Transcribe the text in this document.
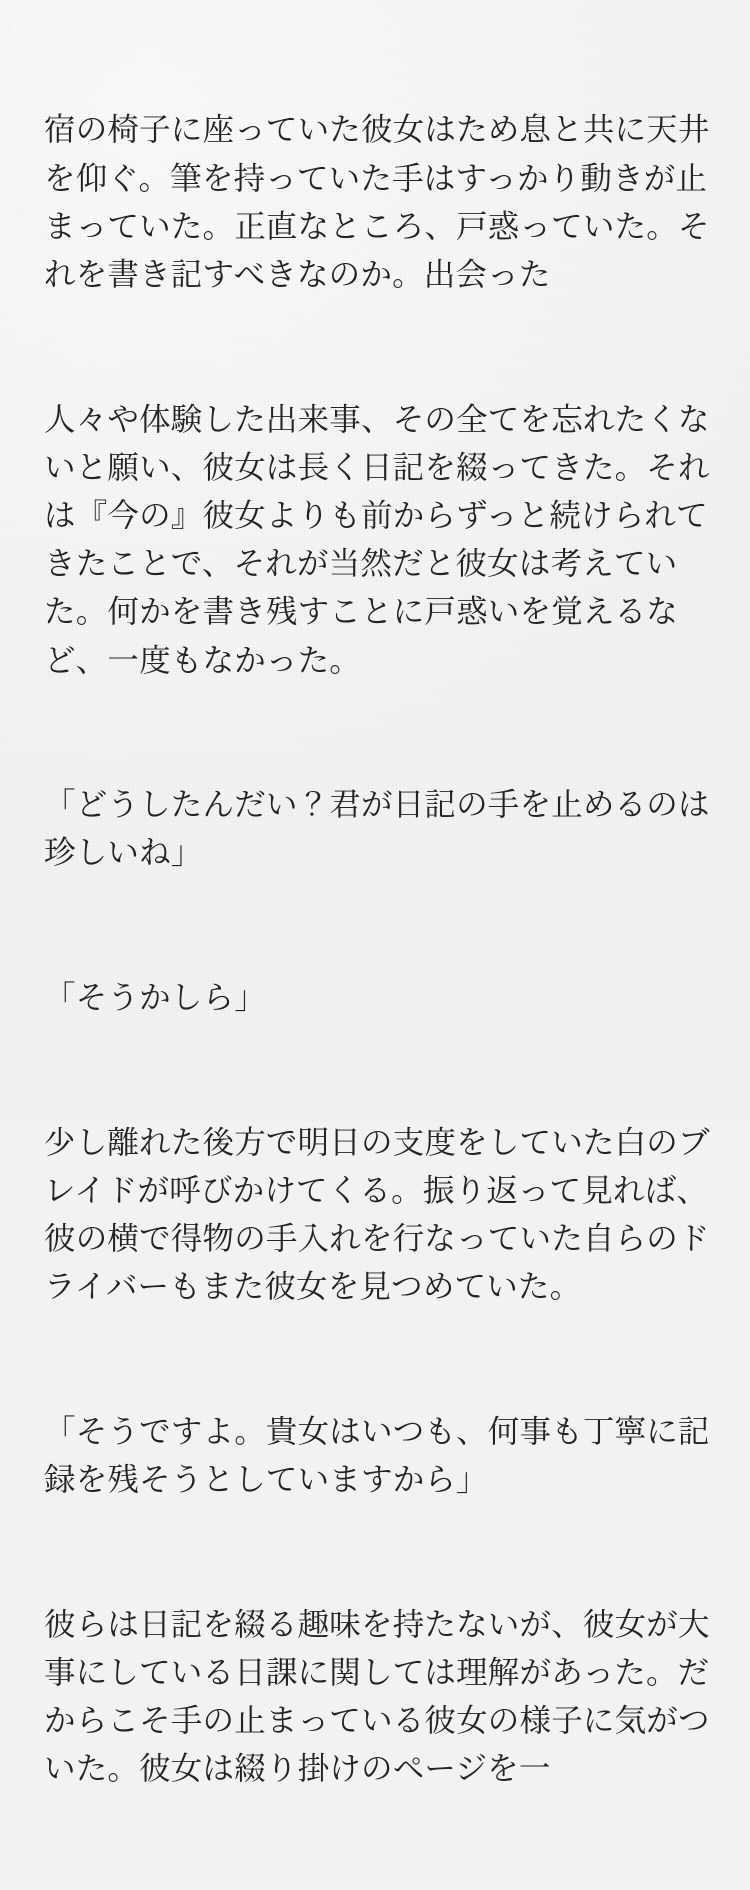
宿の椅子に座っていた彼女はため息と共に天井を仰ぐ。筆を持っていた手はすっかり動きが止まっていた。正直なところ、戸惑っていた。それを書き記すべきなのか。出会った

人々や体験した出来事、その全てを忘れたくないと願い、彼女は長く日記を綴ってきた。それは『今の』彼女よりも前からずっと続けられてきたことで、それが当然だと彼女は考えていた。何かを書き残すことに戸惑いを覚えるなど、一度もなかった。

「どうしたんだい？君が日記の手を止めるのは珍しいね」

「そうかしら」

少し離れた後方で明日の支度をしていた白のブレイドが呼びかけてくる。振り返って見れば、彼の横で得物の手入れを行なっていた自らのドライバーもまた彼女を見つめていた。

「そうですよ。貴女はいつも、何事も丁寧に記録を残そうとしていますから」

彼らは日記を綴る趣味を持たないが、彼女が大事にしている日課に関しては理解があった。だからこそ手の止まっている彼女の様子に気がついた。彼女は綴り掛けのページを一
